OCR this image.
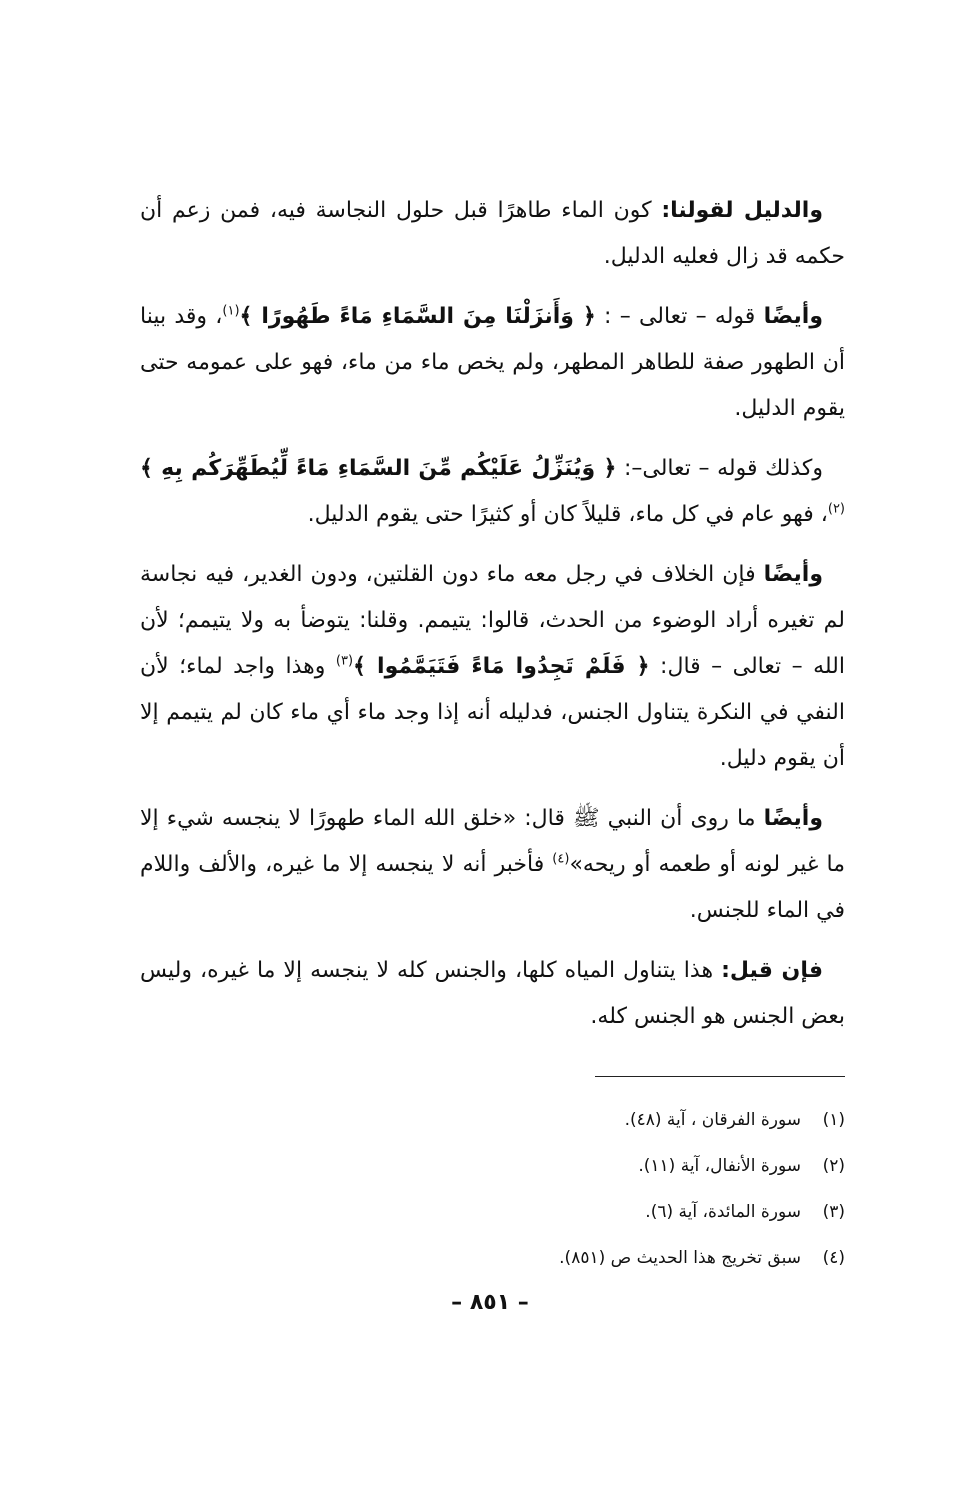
والدليل لقولنا: كون الماء طاهرًا قبل حلول النجاسة فيه، فمن زعم أن حكمه قد زال فعليه الدليل.

وأيضًا قوله – تعالى – : ﴿ وَأَنزَلْنَا مِنَ السَّمَاءِ مَاءً طَهُورًا ﴾$^{(١)}$، وقد بينا أن الطهور صفة للطاهر المطهر، ولم يخص ماء من ماء، فهو على عمومه حتى يقوم الدليل.

وكذلك قوله – تعالى–: ﴿ وَيُنَزِّلُ عَلَيْكُم مِّنَ السَّمَاءِ مَاءً لِّيُطَهِّرَكُم بِهِ ﴾$^{(٢)}$، فهو عام في كل ماء، قليلاً كان أو كثيرًا حتى يقوم الدليل.

وأيضًا فإن الخلاف في رجل معه ماء دون القلتين، ودون الغدير، فيه نجاسة لم تغيره أراد الوضوء من الحدث، قالوا: يتيمم. وقلنا: يتوضأ به ولا يتيمم؛ لأن الله – تعالى – قال: ﴿ فَلَمْ تَجِدُوا مَاءً فَتَيَمَّمُوا ﴾$^{(٣)}$ وهذا واجد لماء؛ لأن النفي في النكرة يتناول الجنس، فدليله أنه إذا وجد ماء أي ماء كان لم يتيمم إلا أن يقوم دليل.

وأيضًا ما روى أن النبي ﷺ قال: «خلق الله الماء طهورًا لا ينجسه شيء إلا ما غير لونه أو طعمه أو ريحه»$^{(٤)}$ فأخبر أنه لا ينجسه إلا ما غيره، والألف واللام في الماء للجنس.

فإن قيل: هذا يتناول المياه كلها، والجنس كله لا ينجسه إلا ما غيره، وليس بعض الجنس هو الجنس كله.

(١)
سورة الفرقان ، آية (٤٨).
(٢)
سورة الأنفال، آية (١١).
(٣)
سورة المائدة، آية (٦).
(٤)
سبق تخريج هذا الحديث ص (٨٥١).
– ٨٥١ –
